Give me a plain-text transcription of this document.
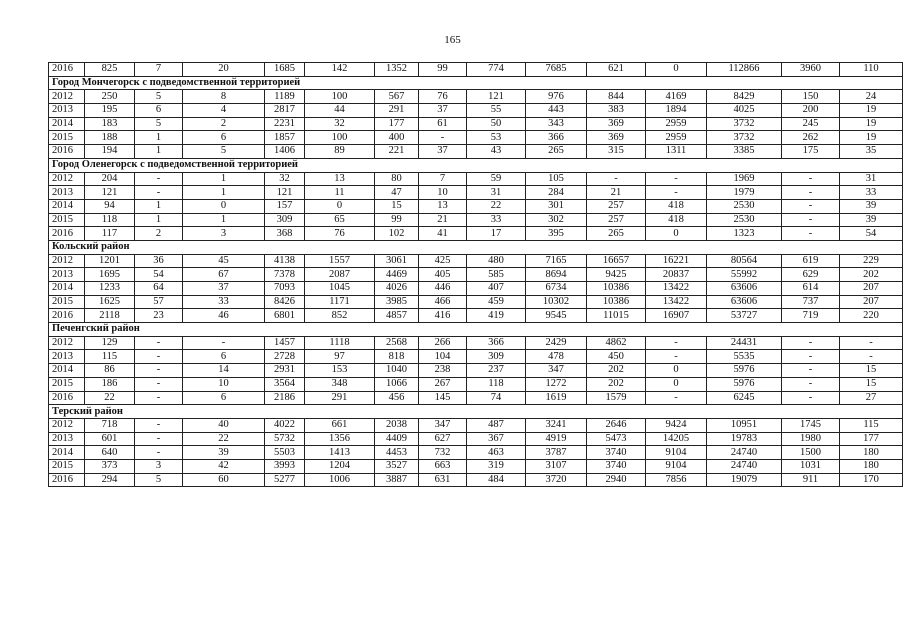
165
2016	825	7	20	1685	142	1352	99	774	7685	621	0	112866	3960	110
Город Мончегорск с подведомственной территорией														
2012	250	5	8	1189	100	567	76	121	976	844	4169	8429	150	24
2013	195	6	4	2817	44	291	37	55	443	383	1894	4025	200	19
2014	183	5	2	2231	32	177	61	50	343	369	2959	3732	245	19
2015	188	1	6	1857	100	400	-	53	366	369	2959	3732	262	19
2016	194	1	5	1406	89	221	37	43	265	315	1311	3385	175	35
Город Оленегорск с подведомственной территорией														
2012	204	-	1	32	13	80	7	59	105	-	-	1969	-	31
2013	121	-	1	121	11	47	10	31	284	21	-	1979	-	33
2014	94	1	0	157	0	15	13	22	301	257	418	2530	-	39
2015	118	1	1	309	65	99	21	33	302	257	418	2530	-	39
2016	117	2	3	368	76	102	41	17	395	265	0	1323	-	54
Кольский район														
2012	1201	36	45	4138	1557	3061	425	480	7165	16657	16221	80564	619	229
2013	1695	54	67	7378	2087	4469	405	585	8694	9425	20837	55992	629	202
2014	1233	64	37	7093	1045	4026	446	407	6734	10386	13422	63606	614	207
2015	1625	57	33	8426	1171	3985	466	459	10302	10386	13422	63606	737	207
2016	2118	23	46	6801	852	4857	416	419	9545	11015	16907	53727	719	220
Печенгский район														
2012	129	-	-	1457	1118	2568	266	366	2429	4862	-	24431	-	-
2013	115	-	6	2728	97	818	104	309	478	450	-	5535	-	-
2014	86	-	14	2931	153	1040	238	237	347	202	0	5976	-	15
2015	186	-	10	3564	348	1066	267	118	1272	202	0	5976	-	15
2016	22	-	6	2186	291	456	145	74	1619	1579	-	6245	-	27
Терский район														
2012	718	-	40	4022	661	2038	347	487	3241	2646	9424	10951	1745	115
2013	601	-	22	5732	1356	4409	627	367	4919	5473	14205	19783	1980	177
2014	640	-	39	5503	1413	4453	732	463	3787	3740	9104	24740	1500	180
2015	373	3	42	3993	1204	3527	663	319	3107	3740	9104	24740	1031	180
2016	294	5	60	5277	1006	3887	631	484	3720	2940	7856	19079	911	170
